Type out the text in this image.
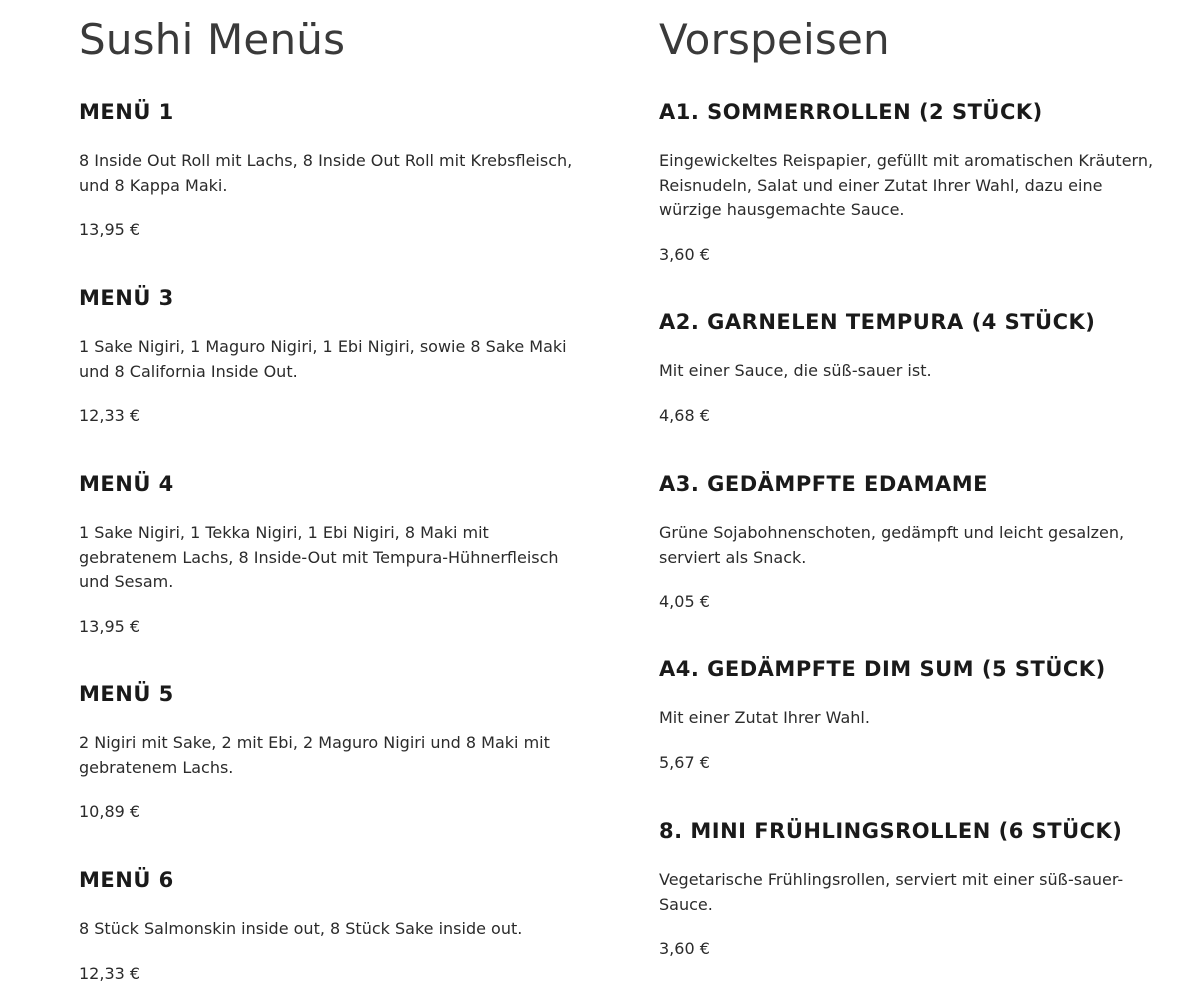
Sushi Menüs
MENÜ 1

8 Inside Out Roll mit Lachs, 8 Inside Out Roll mit Krebsfleisch, und 8 Kappa Maki.

13,95 €

MENÜ 3

1 Sake Nigiri, 1 Maguro Nigiri, 1 Ebi Nigiri, sowie 8 Sake Maki und 8 California Inside Out.

12,33 €

MENÜ 4

1 Sake Nigiri, 1 Tekka Nigiri, 1 Ebi Nigiri, 8 Maki mit gebratenem Lachs, 8 Inside-Out mit Tempura-Hühnerfleisch und Sesam.

13,95 €

MENÜ 5

2 Nigiri mit Sake, 2 mit Ebi, 2 Maguro Nigiri und 8 Maki mit gebratenem Lachs.

10,89 €

MENÜ 6

8 Stück Salmonskin inside out, 8 Stück Sake inside out.

12,33 €

Vorspeisen
A1. SOMMERROLLEN (2 STÜCK)

Eingewickeltes Reispapier, gefüllt mit aromatischen Kräutern, Reisnudeln, Salat und einer Zutat Ihrer Wahl, dazu eine würzige hausgemachte Sauce.

3,60 €

A2. GARNELEN TEMPURA (4 STÜCK)

Mit einer Sauce, die süß-sauer ist.

4,68 €

A3. GEDÄMPFTE EDAMAME

Grüne Sojabohnenschoten, gedämpft und leicht gesalzen, serviert als Snack.

4,05 €

A4. GEDÄMPFTE DIM SUM (5 STÜCK)

Mit einer Zutat Ihrer Wahl.

5,67 €

8. MINI FRÜHLINGSROLLEN (6 STÜCK)

Vegetarische Frühlingsrollen, serviert mit einer süß-sauer-Sauce.

3,60 €
